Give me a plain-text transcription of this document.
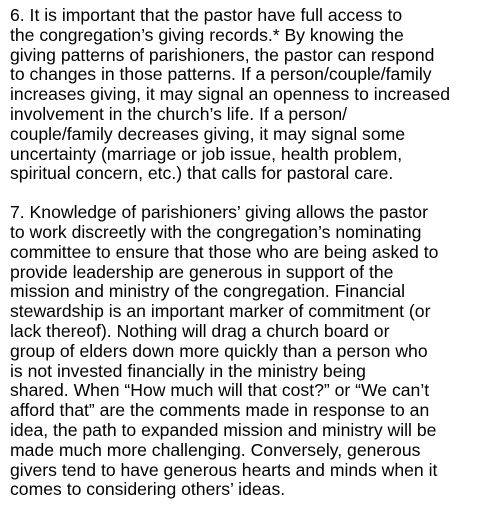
6. It is important that the pastor have full access to
the congregation’s giving records.* By knowing the
giving patterns of parishioners, the pastor can respond
to changes in those patterns. If a person/couple/family
increases giving, it may signal an openness to increased
involvement in the church’s life. If a person/
couple/family decreases giving, it may signal some
uncertainty (marriage or job issue, health problem,
spiritual concern, etc.) that calls for pastoral care.
7. Knowledge of parishioners’ giving allows the pastor
to work discreetly with the congregation’s nominating
committee to ensure that those who are being asked to
provide leadership are generous in support of the
mission and ministry of the congregation. Financial
stewardship is an important marker of commitment (or
lack thereof). Nothing will drag a church board or
group of elders down more quickly than a person who
is not invested financially in the ministry being
shared. When “How much will that cost?” or “We can’t
afford that” are the comments made in response to an
idea, the path to expanded mission and ministry will be
made much more challenging. Conversely, generous
givers tend to have generous hearts and minds when it
comes to considering others’ ideas.
